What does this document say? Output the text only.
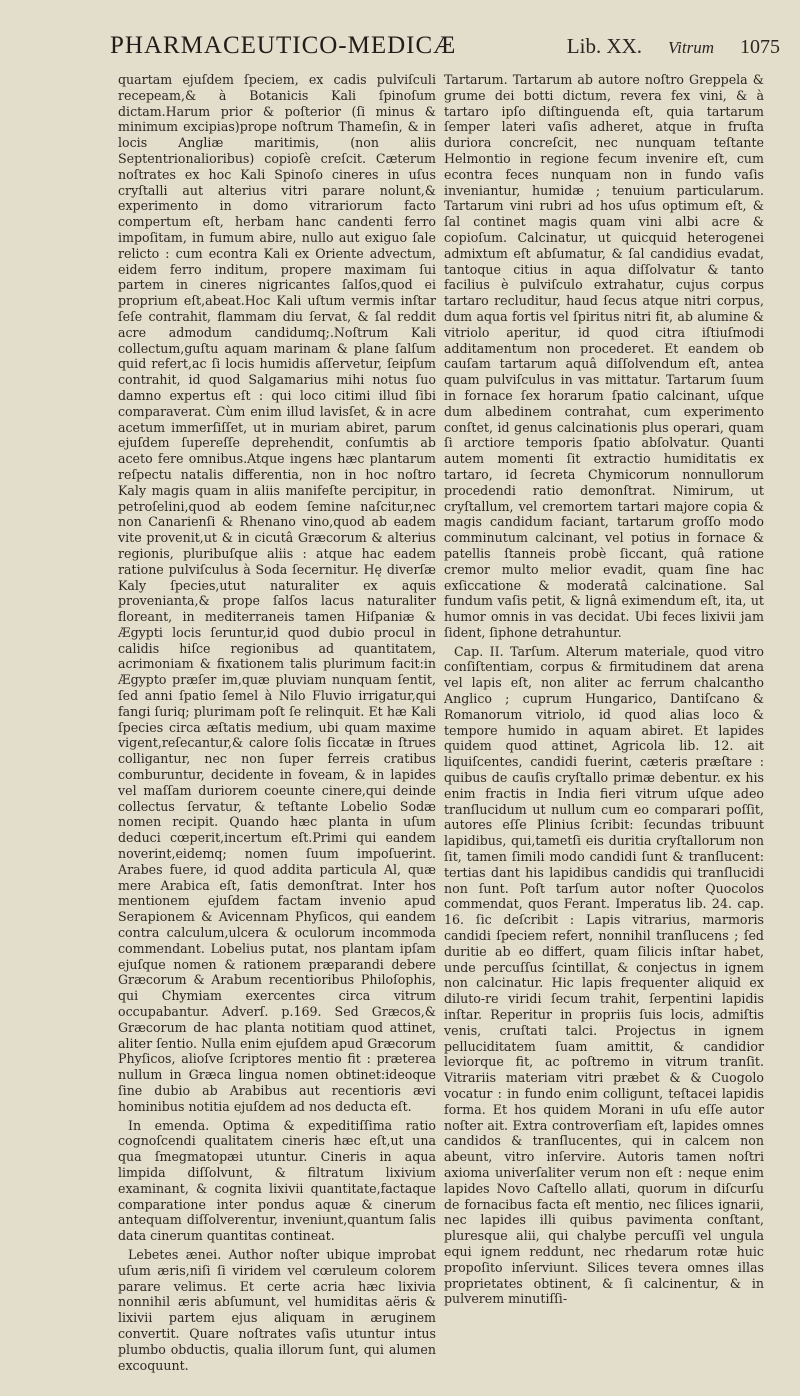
PHARMACEUTICO-MEDICÆ	Lib. XX. Vitrum 1075

quartam ejuſdem ſpeciem, ex cadis pulviſculi recepeam,& à Botanicis Kali ſpinoſum dictam.Harum prior & poſterior (ſi minus & minimum excipias)prope noſtrum Thameſin, & in locis Angliæ maritimis, (non aliis Septentrionalioribus) copioſè creſcit. Cæterum noſtrates ex hoc Kali Spinoſo cineres in uſus cryſtalli aut alterius vitri parare nolunt,& experimento in domo vitrariorum facto compertum eſt, herbam hanc candenti ferro impoſitam, in fumum abire, nullo aut exiguo ſale relicto : cum econtra Kali ex Oriente advectum, eidem ferro inditum, propere maximam ſui partem in cineres nigricantes ſalſos,quod ei proprium eſt,abeat.Hoc Kali uſtum vermis inſtar ſeſe contrahit, flammam diu ſervat, & ſal reddit acre admodum candidumq;.Noſtrum Kali collectum,guſtu aquam marinam & plane ſalſum quid refert,ac ſi locis humidis aſſervetur, ſeipſum contrahit, id quod Salgamarius mihi notus ſuo damno expertus eſt : qui loco citimi illud ſibi comparaverat. Cùm enim illud lavisſet, & in acre acetum immerſiſſet, ut in muriam abiret, parum ejuſdem ſupereſſe deprehendit, conſumtis ab aceto fere omnibus.Atque ingens hæc plantarum reſpectu natalis differentia, non in hoc noſtro Kaly magis quam in aliis manifeſte percipitur, in petroſelini,quod ab eodem ſemine naſcitur,nec non Canarienſi & Rhenano vino,quod ab eadem vite provenit,ut & in cicutâ Græcorum & alterius regionis, pluribuſque aliis : atque hac eadem ratione pulviſculus à Soda ſecernitur. Hę diverſæ Kaly ſpecies,utut naturaliter ex aquis provenianta,& prope ſalſos lacus naturaliter floreant, in mediterraneis tamen Hiſpaniæ & Ægypti locis ſeruntur,id quod dubio procul in calidis hiſce regionibus ad quantitatem, acrimoniam & fixationem talis plurimum facit:in Ægypto præſer im,quæ pluviam nunquam ſentit, ſed anni ſpatio ſemel à Nilo Fluvio irrigatur,qui fangi ſuriq; plurimam poſt ſe relinquit. Et hæ Kali ſpecies circa æſtatis medium, ubi quam maxime vigent,reſecantur,& calore ſolis ſiccatæ in ſtrues colligantur, nec non ſuper ferreis cratibus comburuntur, decidente in foveam, & in lapides vel maſſam duriorem coeunte cinere,qui deinde collectus ſervatur, & teſtante Lobelio Sodæ nomen recipit. Quando hæc planta in uſum deduci cœperit,incertum eſt.Primi qui eandem noverint,eidemq; nomen ſuum impoſuerint. Arabes fuere, id quod addita particula Al, quæ mere Arabica eſt, ſatis demonſtrat. Inter hos mentionem ejuſdem factam invenio apud Serapionem & Avicennam Phyſicos, qui eandem contra calculum,ulcera & oculorum incommoda commendant. Lobelius putat, nos plantam ipſam ejuſque nomen & rationem præparandi debere Græcorum & Arabum recentioribus Philoſophis, qui Chymiam exercentes circa vitrum occupabantur. Adverſ. p.169. Sed Græcos,& Græcorum de hac planta notitiam quod attinet, aliter ſentio. Nulla enim ejuſdem apud Græcorum Phyſicos, alioſve ſcriptores mentio fit : præterea nullum in Græca lingua nomen obtinet:ideoque ſine dubio ab Arabibus aut recentioris ævi hominibus notitia ejuſdem ad nos deducta eſt.

In emenda. Optima & expeditiſſima ratio cognoſcendi qualitatem cineris hæc eſt,ut una qua ſmegmatopæi utuntur. Cineris in aqua limpida diſſolvunt, & filtratum lixivium examinant, & cognita lixivii quantitate,factaque comparatione inter pondus aquæ & cinerum antequam diſſolverentur, inveniunt,quantum ſalis data cinerum quantitas contineat.

Lebetes ænei. Author noſter ubique improbat uſum æris,niſi ſi viridem vel cœruleum colorem parare velimus. Et certe acria hæc lixivia nonnihil æris abſumunt, vel humiditas aëris & lixivii partem ejus aliquam in æruginem convertit. Quare noſtrates vaſis utuntur intus plumbo obductis, qualia illorum ſunt, qui alumen excoquunt.

Tartarum. Tartarum ab autore noſtro Greppela & grume dei botti dictum, revera fex vini, & à tartaro ipſo diſtinguenda eſt, quia tartarum ſemper lateri vaſis adheret, atque in fruſta duriora concreſcit, nec nunquam teſtante Helmontio in regione fecum invenire eſt, cum econtra feces nunquam non in fundo vaſis inveniantur, humidæ ; tenuium particularum. Tartarum vini rubri ad hos uſus optimum eſt, & ſal continet magis quam vini albi acre & copioſum. Calcinatur, ut quicquid heterogenei admixtum eſt abſumatur, & ſal candidius evadat, tantoque citius in aqua diſſolvatur & tanto facilius è pulviſculo extrahatur, cujus corpus tartaro recluditur, haud ſecus atque nitri corpus, dum aqua fortis vel ſpiritus nitri fit, ab alumine & vitriolo aperitur, id quod citra iſtiuſmodi additamentum non procederet. Et eandem ob cauſam tartarum aquâ diſſolvendum eſt, antea quam pulviſculus in vas mittatur. Tartarum ſuum in fornace ſex horarum ſpatio calcinant, uſque dum albedinem contrahat, cum experimento conſtet, id genus calcinationis plus operari, quam ſi arctiore temporis ſpatio abſolvatur. Quanti autem momenti ſit extractio humiditatis ex tartaro, id ſecreta Chymicorum nonnullorum procedendi ratio demonſtrat. Nimirum, ut cryſtallum, vel cremortem tartari majore copia & magis candidum faciant, tartarum groſſo modo comminutum calcinant, vel potius in fornace & patellis ſtanneis probè ſiccant, quâ ratione cremor multo melior evadit, quam ſine hac exſiccatione & moderatâ calcinatione. Sal fundum vaſis petit, & lignâ eximendum eſt, ita, ut humor omnis in vas decidat. Ubi feces lixivii jam ſident, ſiphone detrahuntur.

Cap. II. Tarſum. Alterum materiale, quod vitro conſiſtentiam, corpus & firmitudinem dat arena vel lapis eſt, non aliter ac ferrum chalcantho Anglico ; cuprum Hungarico, Dantiſcano & Romanorum vitriolo, id quod alias loco & tempore humido in aquam abiret. Et lapides quidem quod attinet, Agricola lib. 12. ait liquiſcentes, candidi fuerint, cæteris præſtare : quibus de cauſis cryſtallo primæ debentur. ex his enim fractis in India fieri vitrum uſque adeo tranſlucidum ut nullum cum eo comparari poſſit, autores eſſe Plinius ſcribit: ſecundas tribuunt lapidibus, qui,tametſi eis duritia cryſtallorum non ſit, tamen ſimili modo candidi ſunt & tranſlucent: tertias dant his lapidibus candidis qui tranſlucidi non ſunt. Poſt tarſum autor noſter Quocolos commendat, quos Ferant. Imperatus lib. 24. cap. 16. ſic deſcribit : Lapis vitrarius, marmoris candidi ſpeciem refert, nonnihil tranſlucens ; ſed duritie ab eo differt, quam ſilicis inſtar habet, unde percuſſus ſcintillat, & conjectus in ignem non calcinatur. Hic lapis frequenter aliquid ex diluto-re viridi ſecum trahit, ſerpentini lapidis inſtar. Reperitur in propriis ſuis locis, admiſtis venis, cruſtati talci. Projectus in ignem pelluciditatem ſuam amittit, & candidior leviorque fit, ac poſtremo in vitrum tranſit. Vitrariis materiam vitri præbet & & Cuogolo vocatur : in fundo enim colligunt, teſtacei lapidis forma. Et hos quidem Morani in uſu eſſe autor noſter ait. Extra controverſiam eſt, lapides omnes candidos & tranſlucentes, qui in calcem non abeunt, vitro inſervire. Autoris tamen noſtri axioma univerſaliter verum non eſt : neque enim lapides Novo Caſtello allati, quorum in diſcurſu de fornacibus facta eſt mentio, nec ſilices ignarii, nec lapides illi quibus pavimenta conſtant, pluresque alii, qui chalybe percuſſi vel ungula equi ignem reddunt, nec rhedarum rotæ huic propoſito inſerviunt. Silices tevera omnes illas proprietates obtinent, & ſi calcinentur, & in pulverem minutiſſi-
